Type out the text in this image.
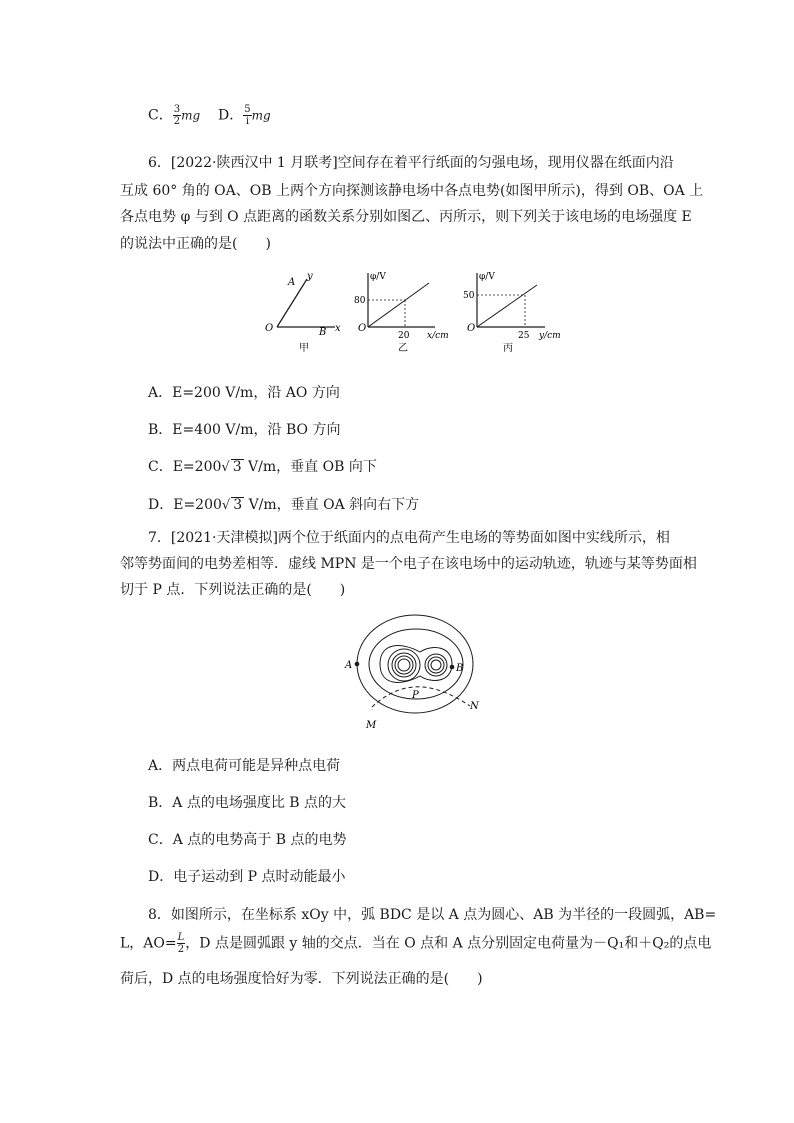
C． $\frac{3}{2}$ mg D． $\frac{5}{i}$ mg
6．[2022·陕西汉中 1 月联考]空间存在着平行纸面的匀强电场，现用仪器在纸面内沿
互成 60° 角的 OA、OB 上两个方向探测该静电场中各点电势(如图甲所示)，得到 OB、OA 上
各点电势 φ 与到 O 点距离的函数关系分别如图乙、丙所示，则下列关于该电场的电场强度 E
的说法中正确的是(　　)
A
y
O	B x
甲
φ/V
80
O
20 x/cm
乙
φ/V
50
O
25 y/cm
丙
A．E=200 V/m，沿 AO 方向
B．E=400 V/m，沿 BO 方向
C．E=200√ 3 V/m，垂直 OB 向下
D．E=200√ 3 V/m，垂直 OA 斜向右下方
7．[2021·天津模拟]两个位于纸面内的点电荷产生电场的等势面如图中实线所示，相
邻等势面间的电势差相等．虚线 MPN 是一个电子在该电场中的运动轨迹，轨迹与某等势面相
切于 P 点．下列说法正确的是(　　)
A	B
P
M
N
A．两点电荷可能是异种点电荷
B．A 点的电场强度比 B 点的大
C．A 点的电势高于 B 点的电势
D．电子运动到 P 点时动能最小
8．如图所示，在坐标系 xOy 中，弧 BDC 是以 A 点为圆心、AB 为半径的一段圆弧，AB=
L，$AO= \frac{L}{2}$ ，D 点是圆弧跟 y 轴的交点．当在 O 点和 A 点分别固定电荷量为－Q₁和＋Q₂的点电
荷后，D 点的电场强度恰好为零．下列说法正确的是(　　)
